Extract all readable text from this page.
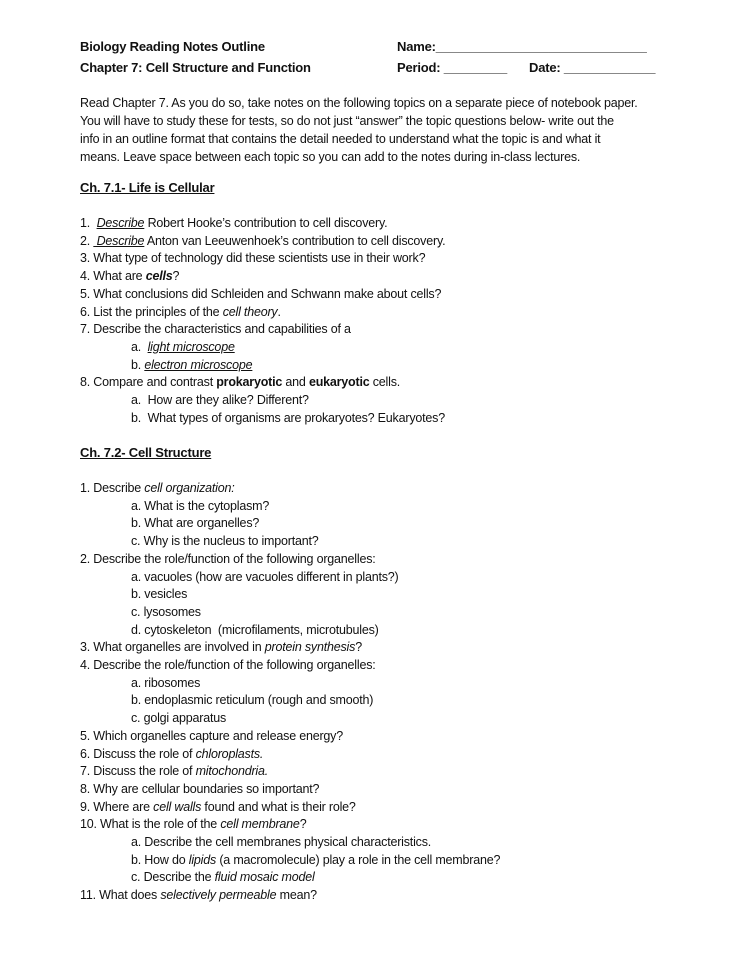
Biology Reading Notes Outline
Chapter 7: Cell Structure and Function
Name:______________________________
Period: _________ Date: _____________
Read Chapter 7. As you do so, take notes on the following topics on a separate piece of notebook paper.
You will have to study these for tests, so do not just “answer” the topic questions below- write out the
info in an outline format that contains the detail needed to understand what the topic is and what it
means. Leave space between each topic so you can add to the notes during in-class lectures.
Ch. 7.1- Life is Cellular
1.  Describe Robert Hooke’s contribution to cell discovery.
2.  Describe Anton van Leeuwenhoek’s contribution to cell discovery.
3. What type of technology did these scientists use in their work?
4. What are cells?
5. What conclusions did Schleiden and Schwann make about cells?
6. List the principles of the cell theory.
7. Describe the characteristics and capabilities of a
a.  light microscope
b. electron microscope
8. Compare and contrast prokaryotic and eukaryotic cells.
a.  How are they alike? Different?
b.  What types of organisms are prokaryotes? Eukaryotes?
Ch. 7.2- Cell Structure
1. Describe cell organization:
a. What is the cytoplasm?
b. What are organelles?
c. Why is the nucleus to important?
2. Describe the role/function of the following organelles:
a. vacuoles (how are vacuoles different in plants?)
b. vesicles
c. lysosomes
d. cytoskeleton  (microfilaments, microtubules)
3. What organelles are involved in protein synthesis?
4. Describe the role/function of the following organelles:
a. ribosomes
b. endoplasmic reticulum (rough and smooth)
c. golgi apparatus
5. Which organelles capture and release energy?
6. Discuss the role of chloroplasts.
7. Discuss the role of mitochondria.
8. Why are cellular boundaries so important?
9. Where are cell walls found and what is their role?
10. What is the role of the cell membrane?
a. Describe the cell membranes physical characteristics.
b. How do lipids (a macromolecule) play a role in the cell membrane?
c. Describe the fluid mosaic model
11. What does selectively permeable mean?
